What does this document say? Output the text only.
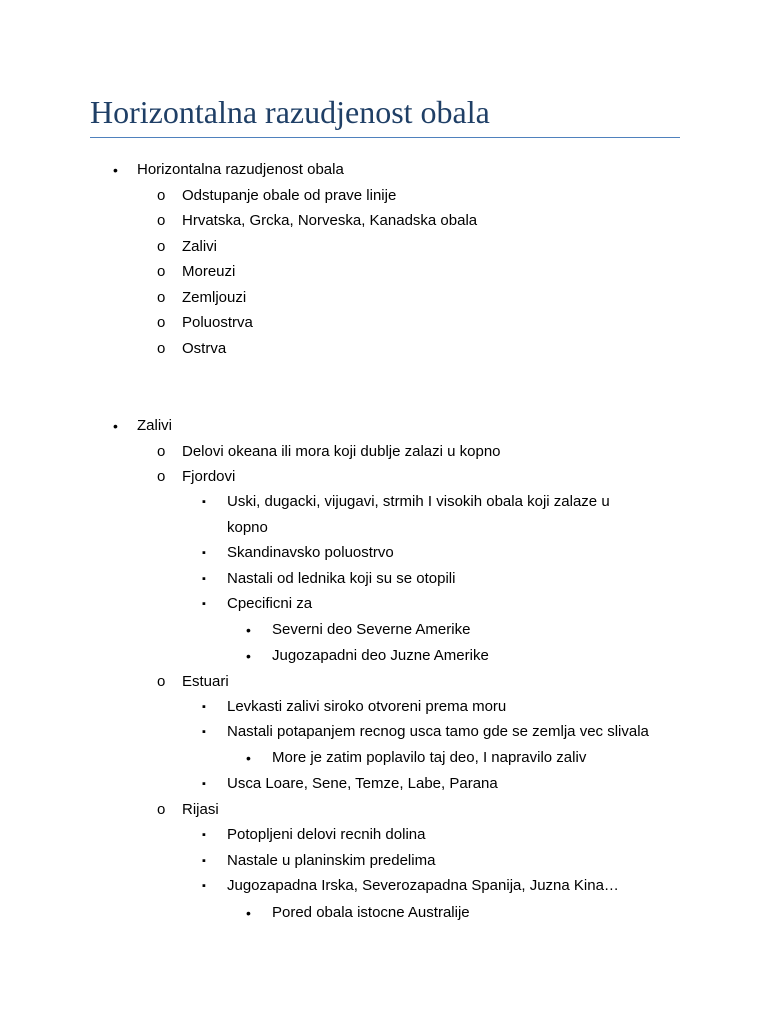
Horizontalna razudjenost obala
• Horizontalna razudjenost obala
o Odstupanje obale od prave linije
o Hrvatska, Grcka, Norveska, Kanadska obala
o Zalivi
o Moreuzi
o Zemljouzi
o Poluostrva
o Ostrva
• Zalivi
o Delovi okeana ili mora koji dublje zalazi u kopno
o Fjordovi
▪ Uski, dugacki, vijugavi, strmih I visokih obala koji zalaze u
kopno
▪ Skandinavsko poluostrvo
▪ Nastali od lednika koji su se otopili
▪ Cpecificni za
• Severni deo Severne Amerike
• Jugozapadni deo Juzne Amerike
o Estuari
▪ Levkasti zalivi siroko otvoreni prema moru
▪ Nastali potapanjem recnog usca tamo gde se zemlja vec slivala
• More je zatim poplavilo taj deo, I napravilo zaliv
▪ Usca Loare, Sene, Temze, Labe, Parana
o Rijasi
▪ Potopljeni delovi recnih dolina
▪ Nastale u planinskim predelima
▪ Jugozapadna Irska, Severozapadna Spanija, Juzna Kina…
• Pored obala istocne Australije
